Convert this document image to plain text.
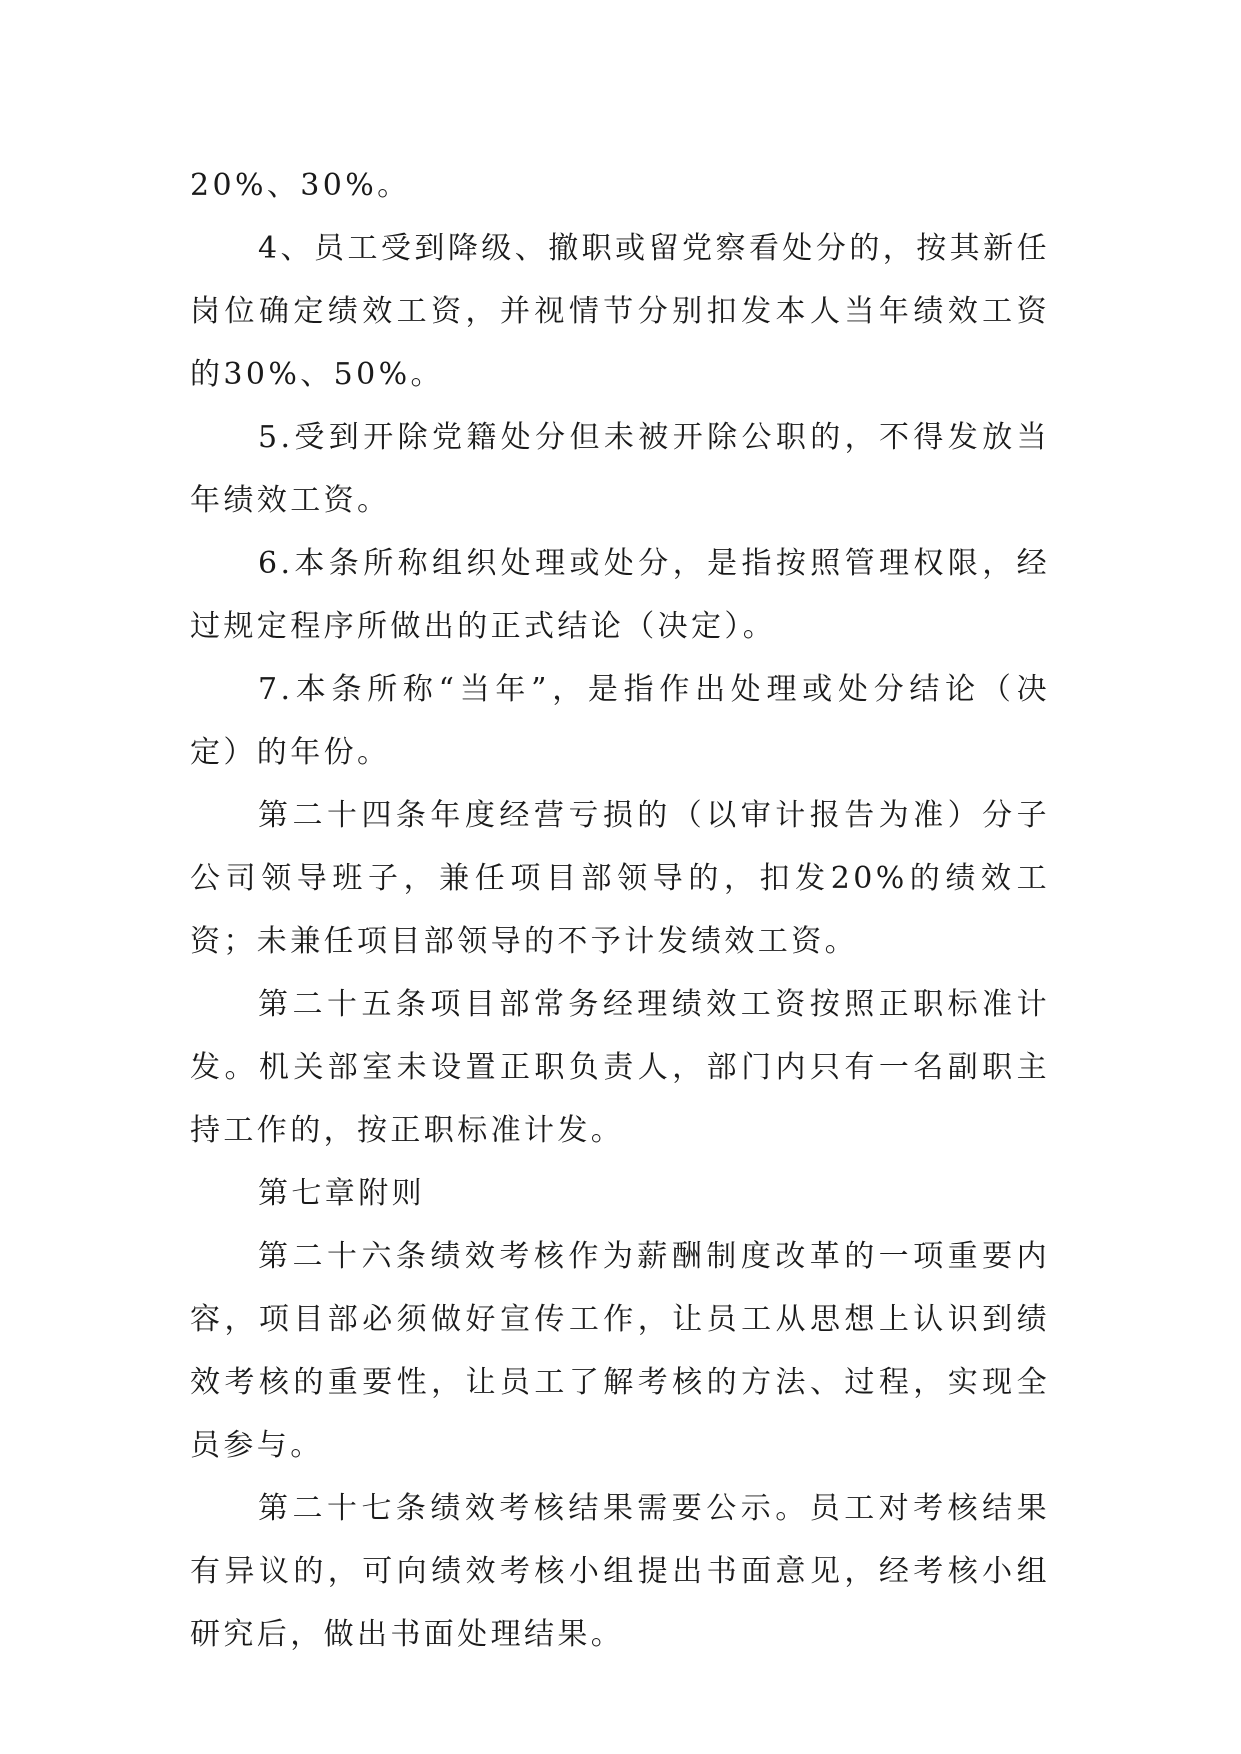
20%、30%。

4、员工受到降级、撤职或留党察看处分的，按其新任岗位确定绩效工资，并视情节分别扣发本人当年绩效工资的30%、50%。

5.受到开除党籍处分但未被开除公职的，不得发放当年绩效工资。

6.本条所称组织处理或处分，是指按照管理权限，经过规定程序所做出的正式结论（决定）。

7.本条所称“当年”，是指作出处理或处分结论（决定）的年份。

第二十四条年度经营亏损的（以审计报告为准）分子公司领导班子，兼任项目部领导的，扣发20%的绩效工资；未兼任项目部领导的不予计发绩效工资。

第二十五条项目部常务经理绩效工资按照正职标准计发。机关部室未设置正职负责人，部门内只有一名副职主持工作的，按正职标准计发。

第七章附则

第二十六条绩效考核作为薪酬制度改革的一项重要内容，项目部必须做好宣传工作，让员工从思想上认识到绩效考核的重要性，让员工了解考核的方法、过程，实现全员参与。

第二十七条绩效考核结果需要公示。员工对考核结果有异议的，可向绩效考核小组提出书面意见，经考核小组研究后，做出书面处理结果。
